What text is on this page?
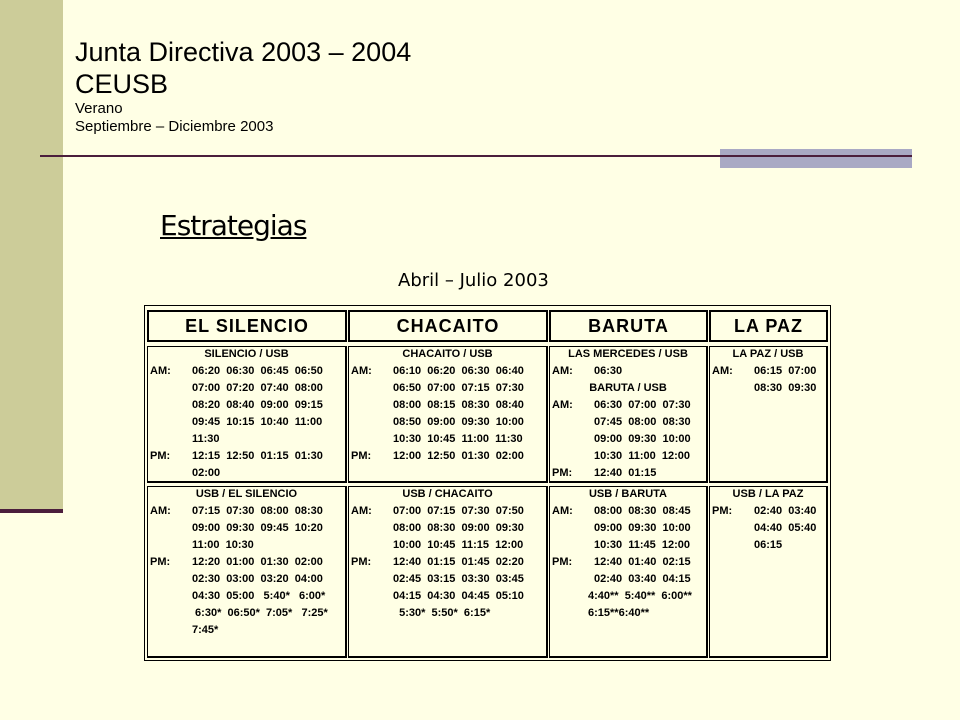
Junta Directiva 2003 – 2004
CEUSB
Verano
Septiembre – Diciembre 2003
Estrategias
Abril – Julio 2003
EL SILENCIO	CHACAITO	BARUTA	LA PAZ
SILENCIO / USB
AM: 06:20  06:30  06:45  06:50
07:00  07:20  07:40  08:00
08:20  08:40  09:00  09:15
09:45  10:15  10:40  11:00
11:30
PM: 12:15  12:50  01:15  01:30
02:00
CHACAITO / USB
AM: 06:10  06:20  06:30  06:40
06:50  07:00  07:15  07:30
08:00  08:15  08:30  08:40
08:50  09:00  09:30  10:00
10:30  10:45  11:00  11:30
PM: 12:00  12:50  01:30  02:00
LAS MERCEDES / USB
AM: 06:30
BARUTA / USB
AM: 06:30  07:00  07:30
07:45  08:00  08:30
09:00  09:30  10:00
10:30  11:00  12:00
PM: 12:40  01:15
LA PAZ / USB
AM: 06:15  07:00
08:30  09:30
USB / EL SILENCIO
AM: 07:15  07:30  08:00  08:30
09:00  09:30  09:45  10:20
11:00  10:30
PM: 12:20  01:00  01:30  02:00
02:30  03:00  03:20  04:00
04:30  05:00   5:40*   6:00*
6:30*  06:50*  7:05*   7:25*
7:45*
USB / CHACAITO
AM: 07:00  07:15  07:30  07:50
08:00  08:30  09:00  09:30
10:00  10:45  11:15  12:00
PM: 12:40  01:15  01:45  02:20
02:45  03:15  03:30  03:45
04:15  04:30  04:45  05:10
5:30*  5:50*  6:15*
USB / BARUTA
AM: 08:00  08:30  08:45
09:00  09:30  10:00
10:30  11:45  12:00
PM: 12:40  01:40  02:15
02:40  03:40  04:15
4:40**  5:40**  6:00**
6:15**6:40**
USB / LA PAZ
PM: 02:40  03:40
04:40  05:40
06:15
